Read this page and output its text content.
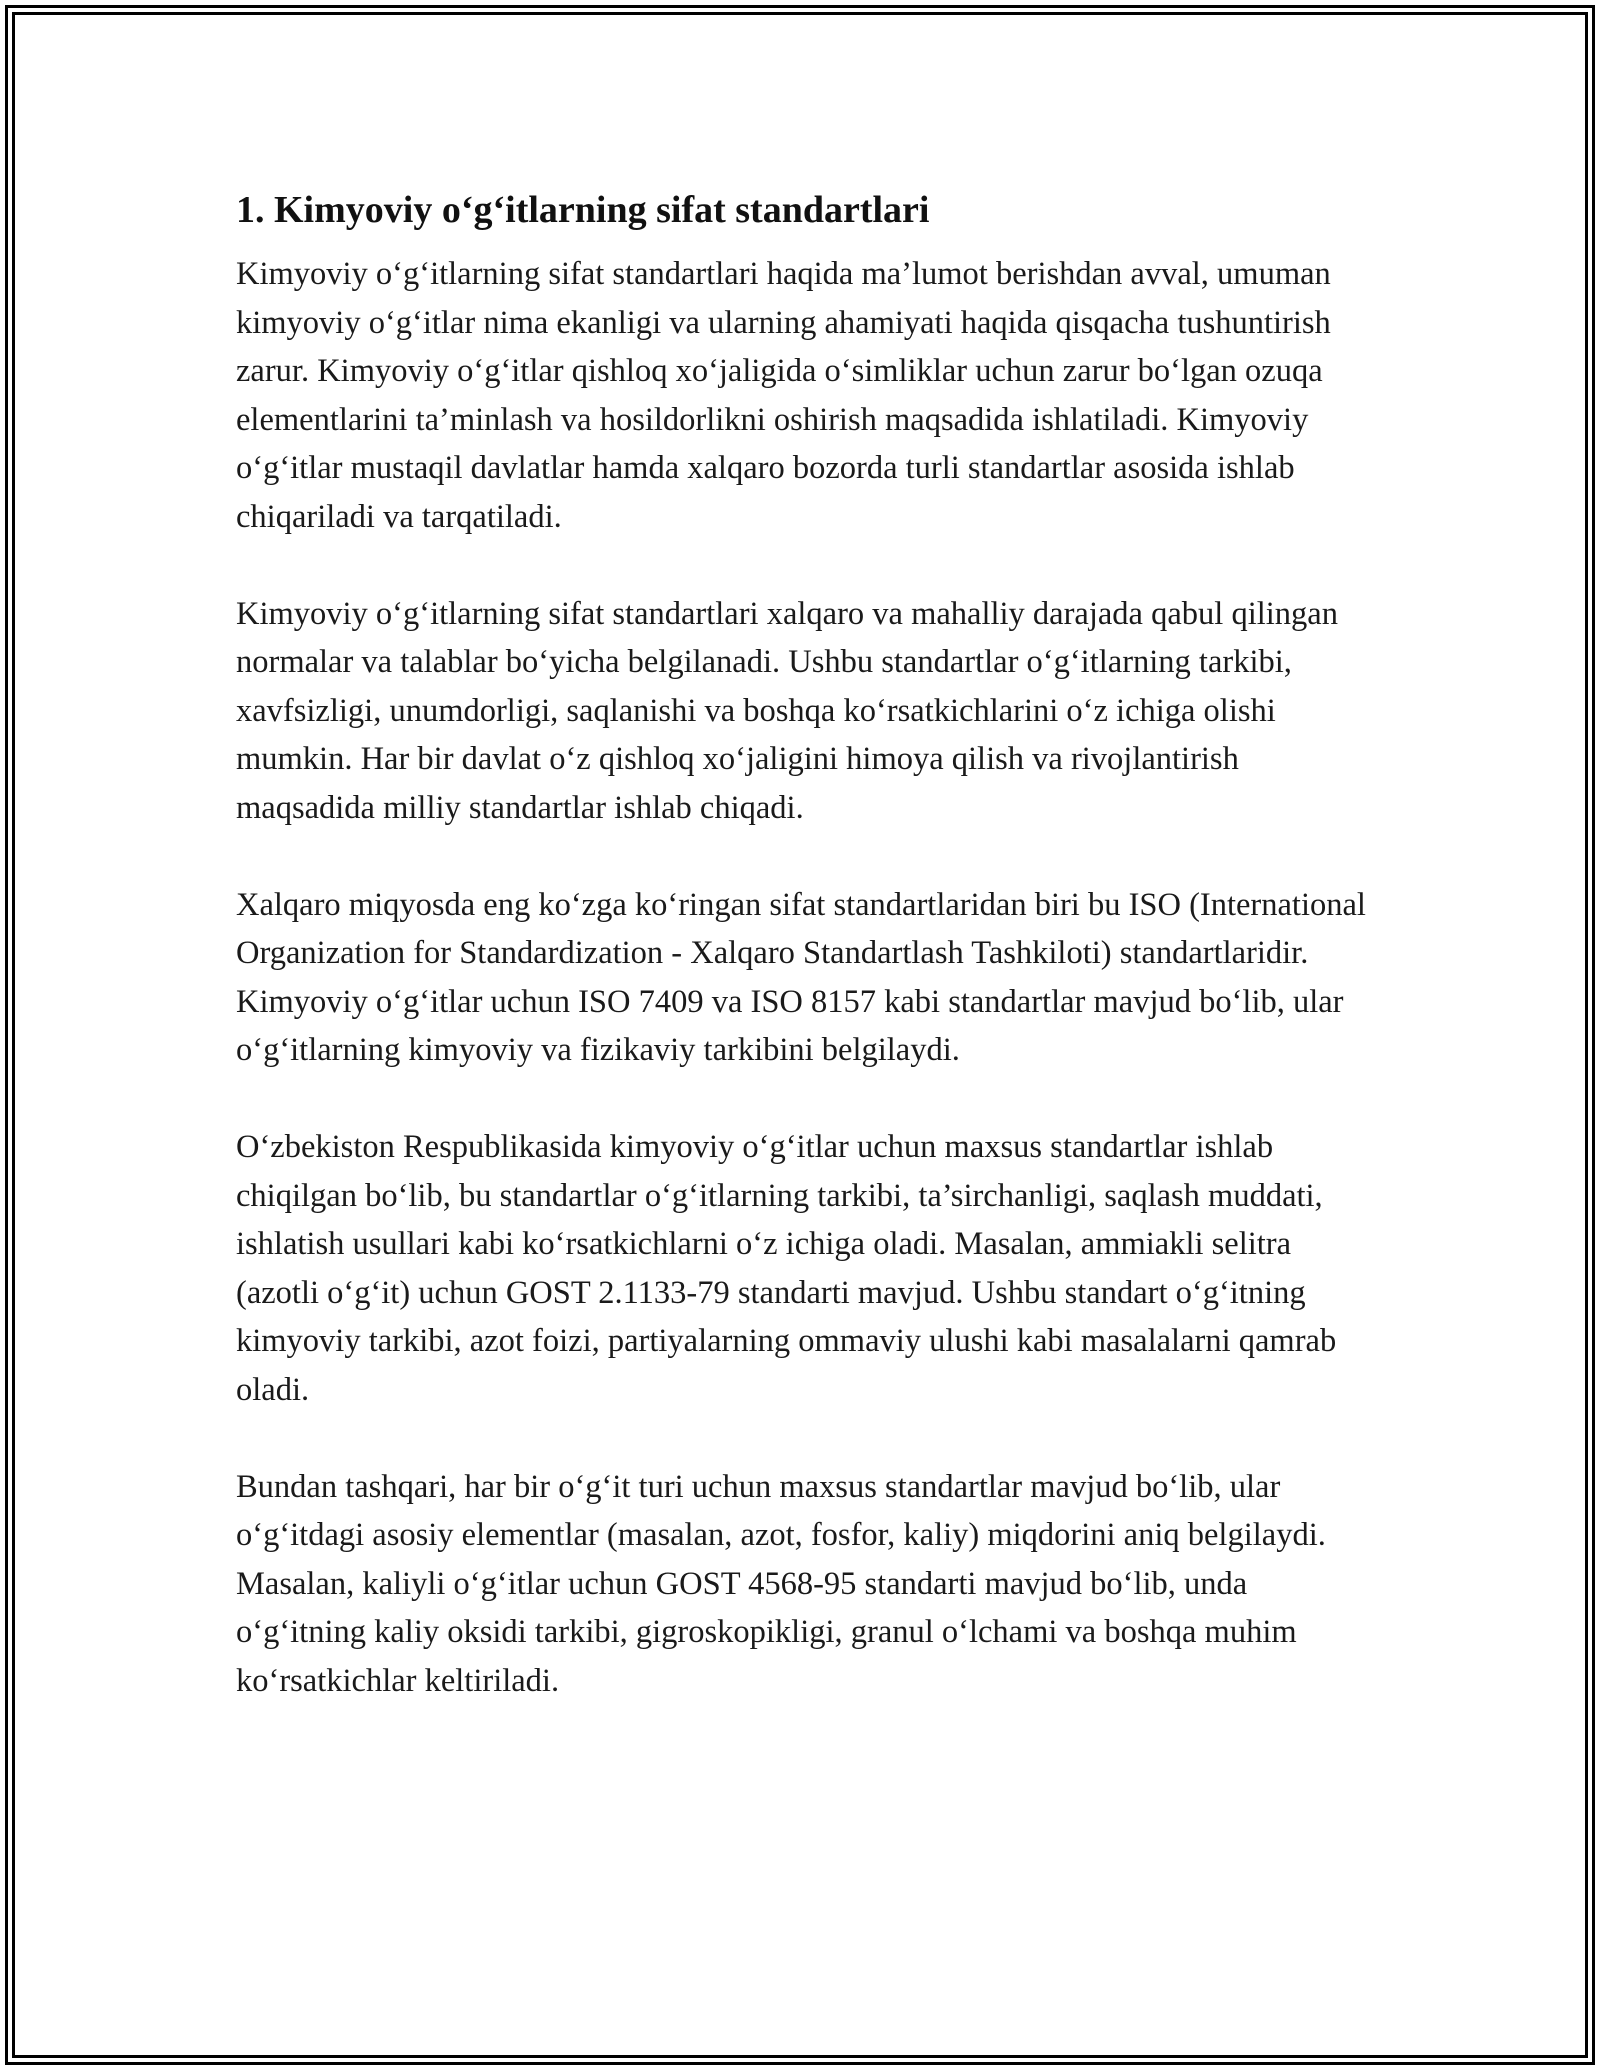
1. Kimyoviy o‘g‘itlarning sifat standartlari

Kimyoviy o‘g‘itlarning sifat standartlari haqida ma’lumot berishdan avval, umuman kimyoviy o‘g‘itlar nima ekanligi va ularning ahamiyati haqida qisqacha tushuntirish zarur. Kimyoviy o‘g‘itlar qishloq xo‘jaligida o‘simliklar uchun zarur bo‘lgan ozuqa elementlarini ta’minlash va hosildorlikni oshirish maqsadida ishlatiladi. Kimyoviy o‘g‘itlar mustaqil davlatlar hamda xalqaro bozorda turli standartlar asosida ishlab chiqariladi va tarqatiladi.

Kimyoviy o‘g‘itlarning sifat standartlari xalqaro va mahalliy darajada qabul qilingan normalar va talablar bo‘yicha belgilanadi. Ushbu standartlar o‘g‘itlarning tarkibi, xavfsizligi, unumdorligi, saqlanishi va boshqa ko‘rsatkichlarini o‘z ichiga olishi mumkin. Har bir davlat o‘z qishloq xo‘jaligini himoya qilish va rivojlantirish maqsadida milliy standartlar ishlab chiqadi.

Xalqaro miqyosda eng ko‘zga ko‘ringan sifat standartlaridan biri bu ISO (International Organization for Standardization - Xalqaro Standartlash Tashkiloti) standartlaridir. Kimyoviy o‘g‘itlar uchun ISO 7409 va ISO 8157 kabi standartlar mavjud bo‘lib, ular o‘g‘itlarning kimyoviy va fizikaviy tarkibini belgilaydi.

O‘zbekiston Respublikasida kimyoviy o‘g‘itlar uchun maxsus standartlar ishlab chiqilgan bo‘lib, bu standartlar o‘g‘itlarning tarkibi, ta’sirchanligi, saqlash muddati, ishlatish usullari kabi ko‘rsatkichlarni o‘z ichiga oladi. Masalan, ammiakli selitra (azotli o‘g‘it) uchun GOST 2.1133-79 standarti mavjud. Ushbu standart o‘g‘itning kimyoviy tarkibi, azot foizi, partiyalarning ommaviy ulushi kabi masalalarni qamrab oladi.

Bundan tashqari, har bir o‘g‘it turi uchun maxsus standartlar mavjud bo‘lib, ular o‘g‘itdagi asosiy elementlar (masalan, azot, fosfor, kaliy) miqdorini aniq belgilaydi. Masalan, kaliyli o‘g‘itlar uchun GOST 4568-95 standarti mavjud bo‘lib, unda o‘g‘itning kaliy oksidi tarkibi, gigroskopikligi, granul o‘lchami va boshqa muhim ko‘rsatkichlar keltiriladi.
